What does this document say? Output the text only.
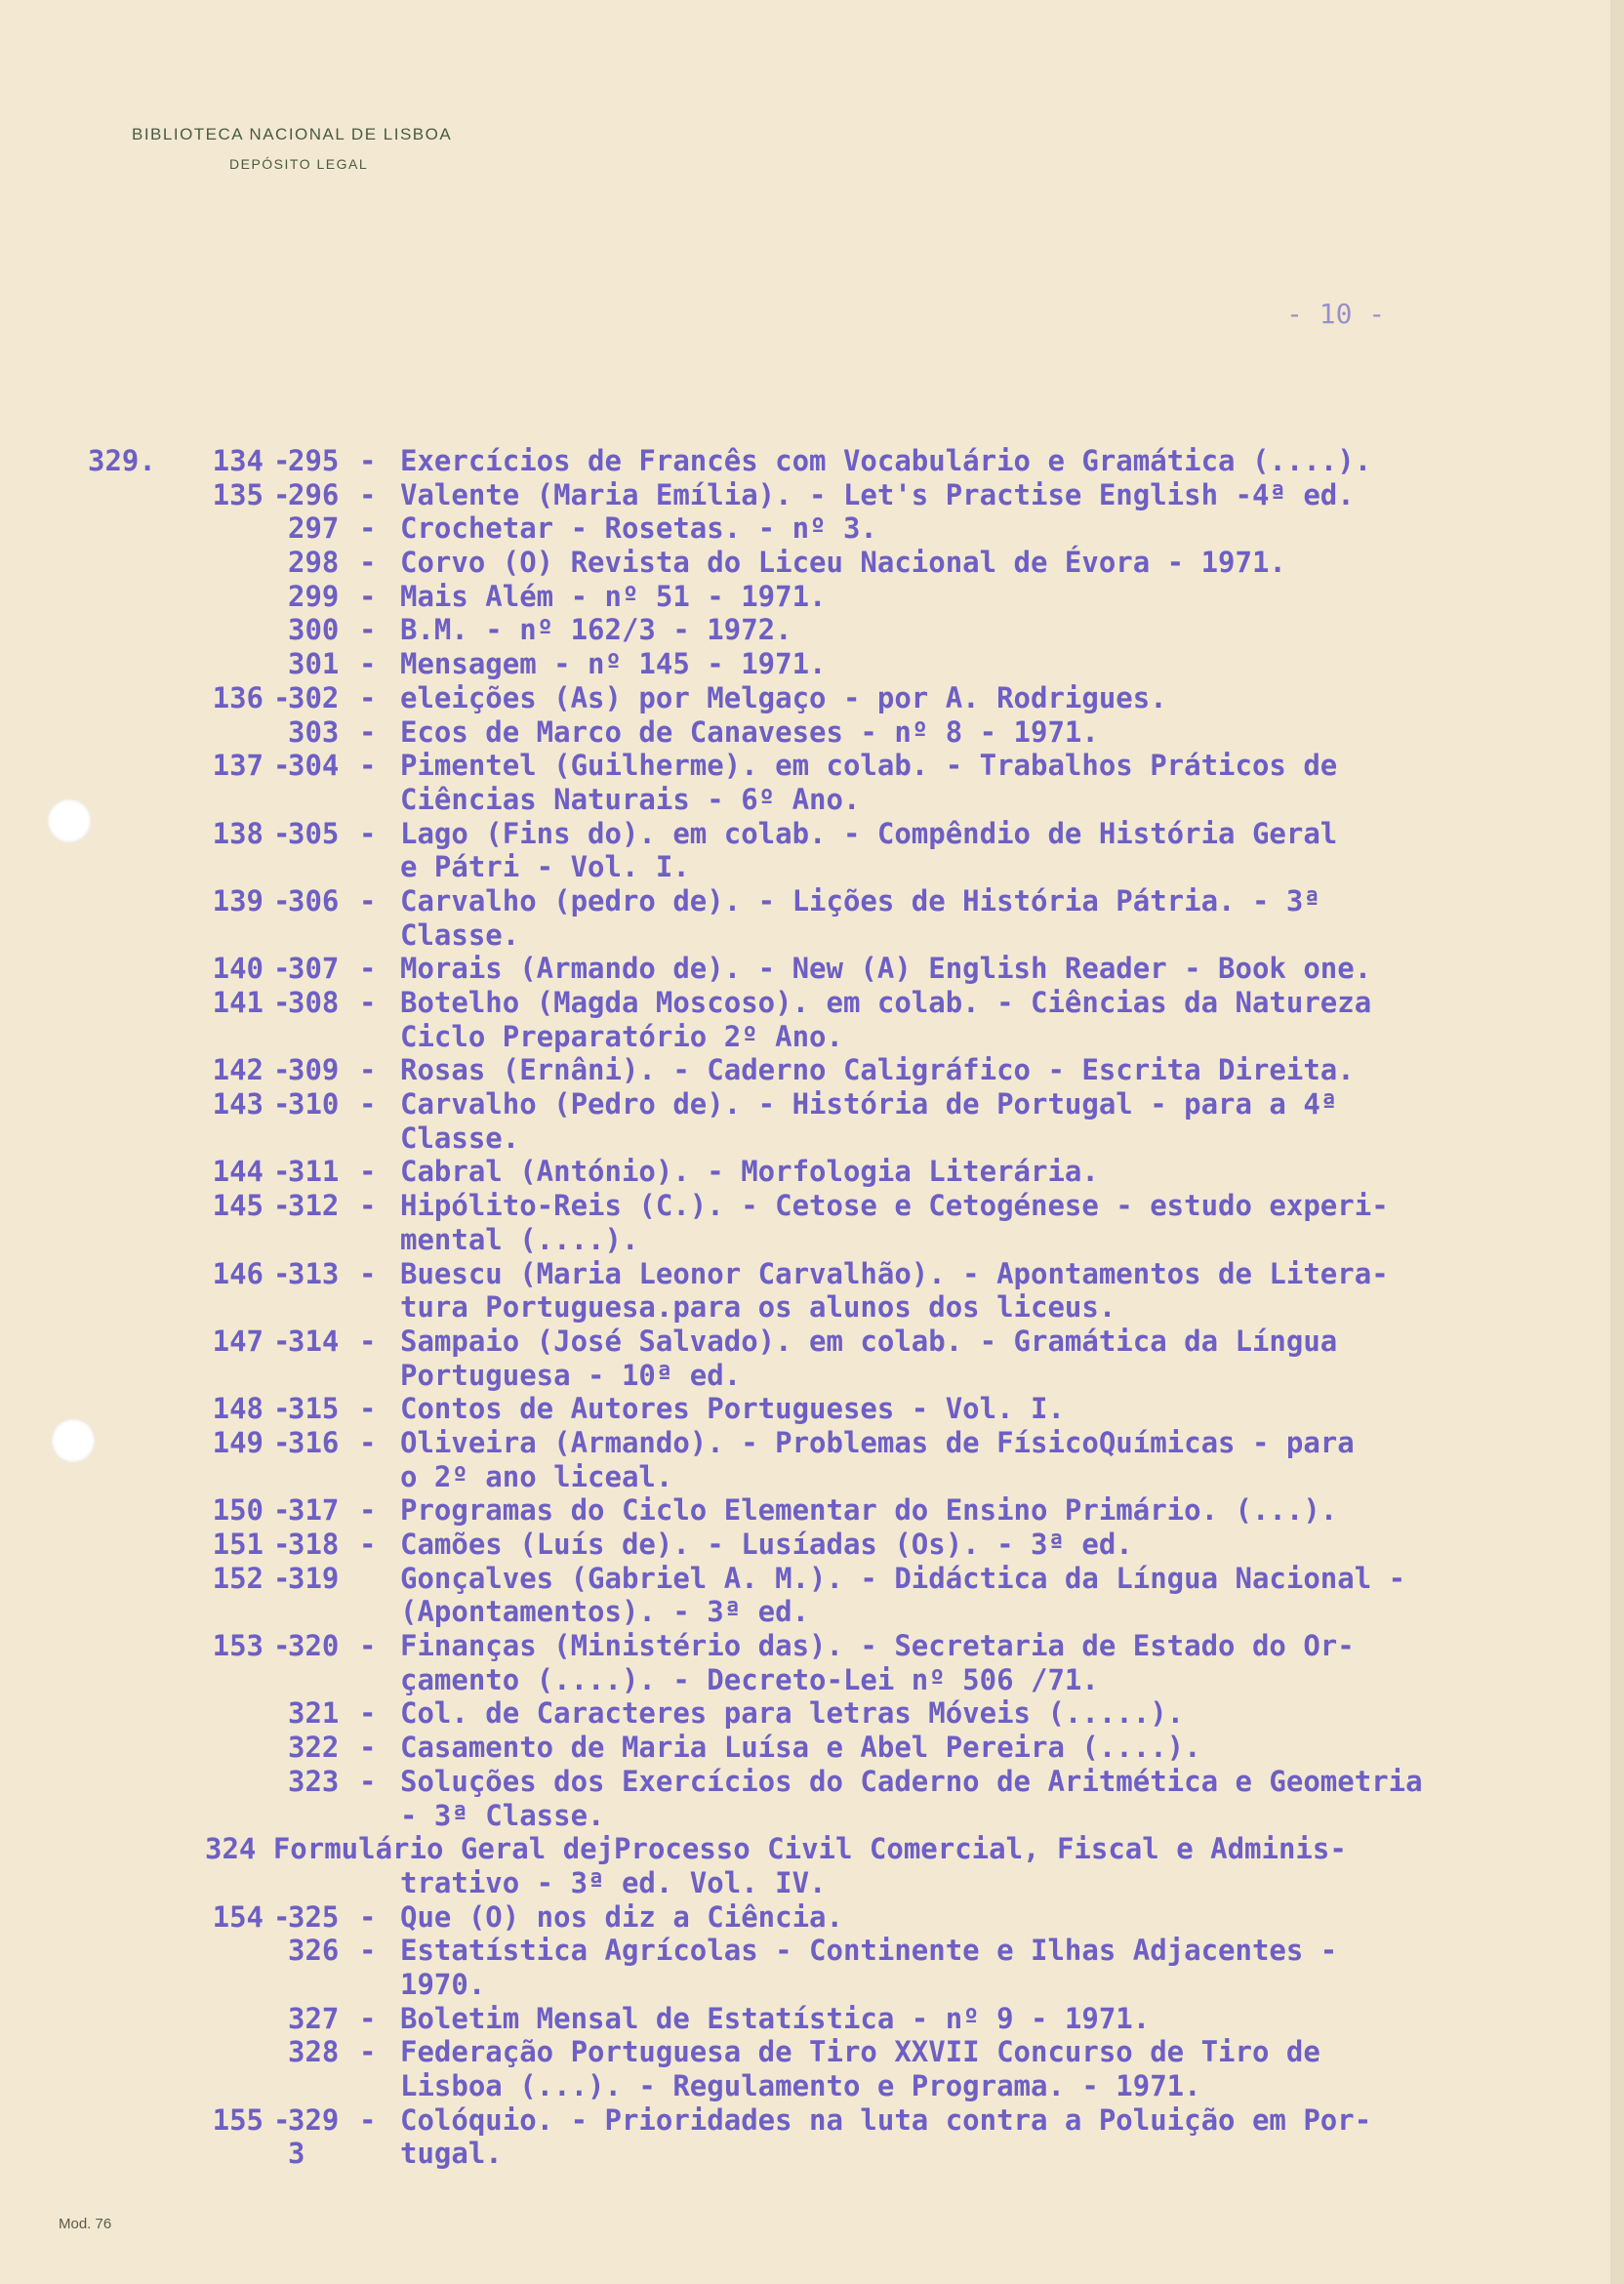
BIBLIOTECA NACIONAL DE LISBOA
DEPÓSITO LEGAL
- 10 -
329.	134 -
295 - Exercícios de Francês com Vocabulário e Gramática (....).
135 -
296 - Valente (Maria Emília). - Let's Practise English -4ª ed.
297 - Crochetar - Rosetas. - nº 3.
298 - Corvo (O) Revista do Liceu Nacional de Évora - 1971.
299 - Mais Além - nº 51 - 1971.
300 - B.M. - nº 162/3 - 1972.
301 - Mensagem - nº 145 - 1971.
136 -
302 - eleições (As) por Melgaço - por A. Rodrigues.
303 - Ecos de Marco de Canaveses - nº 8 - 1971.
137 -
304 - Pimentel (Guilherme). em colab. - Trabalhos Práticos de
Ciências Naturais - 6º Ano.
138 -
305 - Lago (Fins do). em colab. - Compêndio de História Geral
e Pátri - Vol. I.
139 -
306 - Carvalho (pedro de). - Lições de História Pátria. - 3ª
Classe.
140 -
307 - Morais (Armando de). - New (A) English Reader - Book one.
141 -
308 - Botelho (Magda Moscoso). em colab. - Ciências da Natureza
Ciclo Preparatório 2º Ano.
142 -
309 - Rosas (Ernâni). - Caderno Caligráfico - Escrita Direita.
143 -
310 - Carvalho (Pedro de). - História de Portugal - para a 4ª
Classe.
144 -
311 - Cabral (António). - Morfologia Literária.
145 -
312 - Hipólito-Reis (C.). - Cetose e Cetogénese - estudo experi-
mental (....).
146 -
313 - Buescu (Maria Leonor Carvalhão). - Apontamentos de Litera-
tura Portuguesa.para os alunos dos liceus.
147 -
314 - Sampaio (José Salvado). em colab. - Gramática da Língua
Portuguesa - 10ª ed.
148 -
315 - Contos de Autores Portugueses - Vol. I.
149 -
316 - Oliveira (Armando). - Problemas de FísicoQuímicas - para
o 2º ano liceal.
150 -
317 - Programas do Ciclo Elementar do Ensino Primário. (...).
151 -
318 - Camões (Luís de). - Lusíadas (Os). - 3ª ed.
152 -
319 Gonçalves (Gabriel A. M.). - Didáctica da Língua Nacional -
(Apontamentos). - 3ª ed.
153 -
320 - Finanças (Ministério das). - Secretaria de Estado do Or-
çamento (....). - Decreto-Lei nº 506 /71.
321 - Col. de Caracteres para letras Móveis (.....).
322 - Casamento de Maria Luísa e Abel Pereira (....).
323 - Soluções dos Exercícios do Caderno de Aritmética e Geometria
- 3ª Classe.
324 Formulário Geral dejProcesso Civil Comercial, Fiscal e Adminis-
trativo - 3ª ed. Vol. IV.
154 -
325 - Que (O) nos diz a Ciência.
326 - Estatística Agrícolas - Continente e Ilhas Adjacentes -
1970.
327 - Boletim Mensal de Estatística - nº 9 - 1971.
328 - Federação Portuguesa de Tiro XXVII Concurso de Tiro de
Lisboa (...). - Regulamento e Programa. - 1971.
155 -
329 - Colóquio. - Prioridades na luta contra a Poluição em Por-
3	tugal.
Mod. 76
